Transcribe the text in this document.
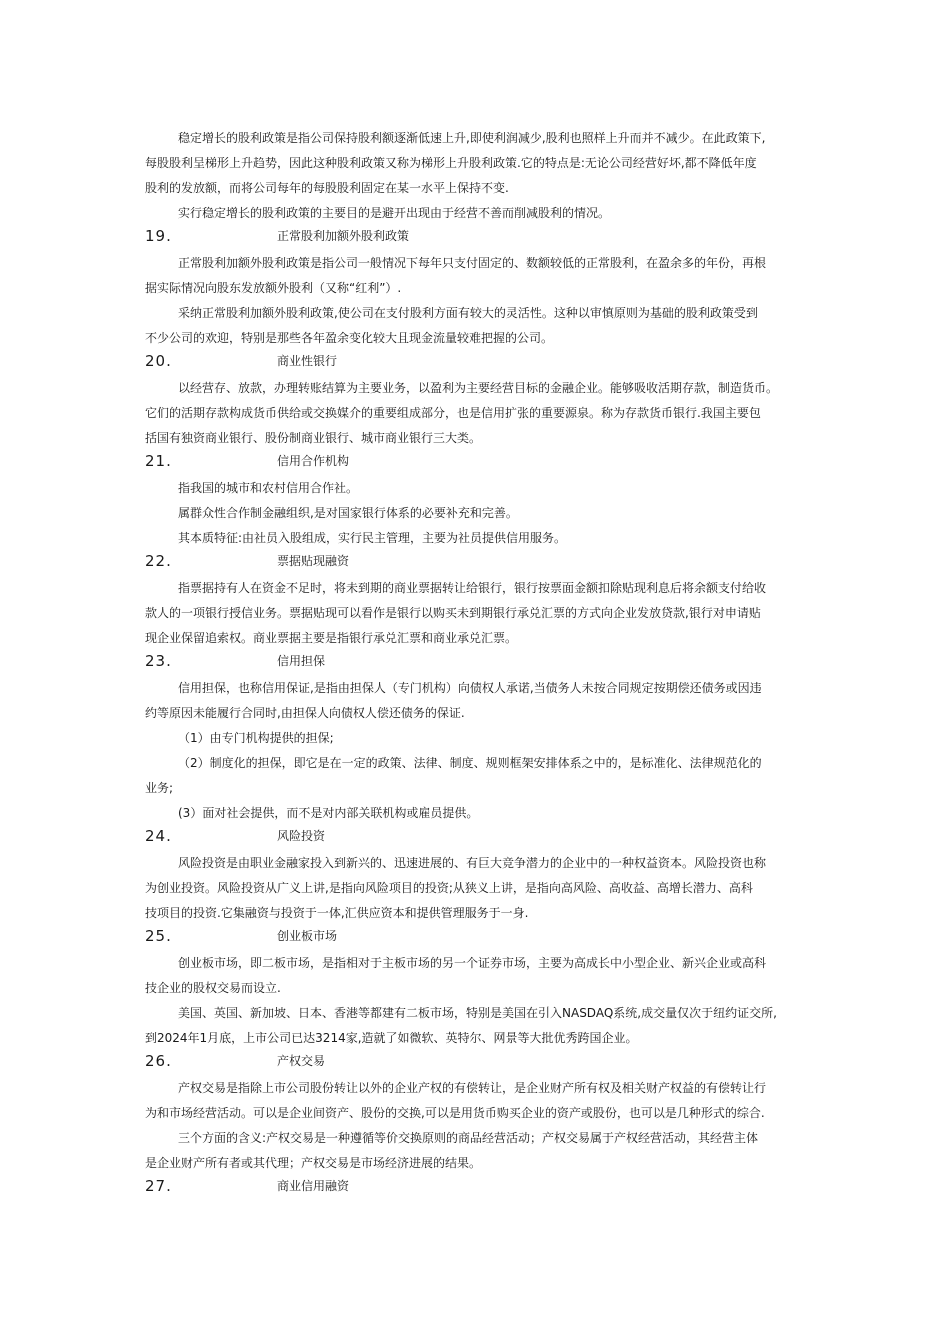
稳定增长的股利政策是指公司保持股利额逐渐低速上升,即使利润减少,股利也照样上升而并不减少。在此政策下,
每股股利呈梯形上升趋势，因此这种股利政策又称为梯形上升股利政策.它的特点是:无论公司经营好坏,都不降低年度
股利的发放额，而将公司每年的每股股利固定在某一水平上保持不变.
实行稳定增长的股利政策的主要目的是避开出现由于经营不善而削减股利的情况。
19.	正常股利加额外股利政策
正常股利加额外股利政策是指公司一般情况下每年只支付固定的、数额较低的正常股利，在盈余多的年份，再根
据实际情况向股东发放额外股利（又称“红利”）.
采纳正常股利加额外股利政策,使公司在支付股利方面有较大的灵活性。这种以审慎原则为基础的股利政策受到
不少公司的欢迎，特别是那些各年盈余变化较大且现金流量较难把握的公司。
20.	商业性银行
以经营存、放款，办理转账结算为主要业务，以盈利为主要经营目标的金融企业。能够吸收活期存款，制造货币。
它们的活期存款构成货币供给或交换媒介的重要组成部分，也是信用扩张的重要源泉。称为存款货币银行.我国主要包
括国有独资商业银行、股份制商业银行、城市商业银行三大类。
21.	信用合作机构
指我国的城市和农村信用合作社。
属群众性合作制金融组织,是对国家银行体系的必要补充和完善。
其本质特征:由社员入股组成，实行民主管理，主要为社员提供信用服务。
22.	票据贴现融资
指票据持有人在资金不足时，将未到期的商业票据转让给银行，银行按票面金额扣除贴现利息后将余额支付给收
款人的一项银行授信业务。票据贴现可以看作是银行以购买未到期银行承兑汇票的方式向企业发放贷款,银行对申请贴
现企业保留追索权。商业票据主要是指银行承兑汇票和商业承兑汇票。
23.	信用担保
信用担保，也称信用保证,是指由担保人（专门机构）向债权人承诺,当债务人未按合同规定按期偿还债务或因违
约等原因未能履行合同时,由担保人向债权人偿还债务的保证.
（1）由专门机构提供的担保;
（2）制度化的担保，即它是在一定的政策、法律、制度、规则框架安排体系之中的，是标准化、法律规范化的
业务;
(3）面对社会提供，而不是对内部关联机构或雇员提供。
24.	风险投资
风险投资是由职业金融家投入到新兴的、迅速进展的、有巨大竞争潜力的企业中的一种权益资本。风险投资也称
为创业投资。风险投资从广义上讲,是指向风险项目的投资;从狭义上讲，是指向高风险、高收益、高增长潜力、高科
技项目的投资.它集融资与投资于一体,汇供应资本和提供管理服务于一身.
25.	创业板市场
创业板市场，即二板市场，是指相对于主板市场的另一个证券市场，主要为高成长中小型企业、新兴企业或高科
技企业的股权交易而设立.
美国、英国、新加坡、日本、香港等都建有二板市场，特别是美国在引入NASDAQ系统,成交量仅次于纽约证交所,
到2024年1月底，上市公司已达3214家,造就了如微软、英特尔、网景等大批优秀跨国企业。
26.	产权交易
产权交易是指除上市公司股份转让以外的企业产权的有偿转让，是企业财产所有权及相关财产权益的有偿转让行
为和市场经营活动。可以是企业间资产、股份的交换,可以是用货币购买企业的资产或股份，也可以是几种形式的综合.
三个方面的含义:产权交易是一种遵循等价交换原则的商品经营活动；产权交易属于产权经营活动，其经营主体
是企业财产所有者或其代理；产权交易是市场经济进展的结果。
27.	商业信用融资
